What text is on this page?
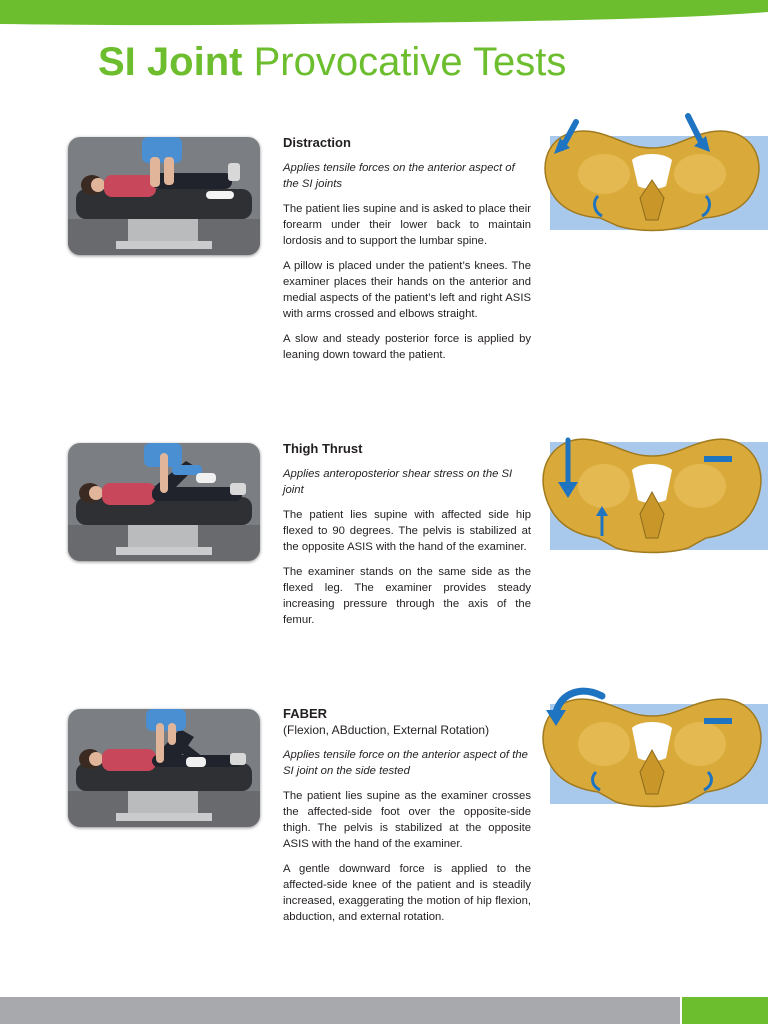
SI Joint Provocative Tests

Distraction

Applies tensile forces on the anterior aspect of the SI joints

The patient lies supine and is asked to place their forearm under their lower back to maintain lordosis and to support the lumbar spine.

A pillow is placed under the patient’s knees. The examiner places their hands on the anterior and medial aspects of the patient’s left and right ASIS with arms crossed and elbows straight.

A slow and steady posterior force is applied by leaning down toward the patient.

Thigh Thrust

Applies anteroposterior shear stress on the SI joint

The patient lies supine with affected side hip flexed to 90 degrees. The pelvis is stabilized at the opposite ASIS with the hand of the examiner.

The examiner stands on the same side as the flexed leg. The examiner provides steady increasing pressure through the axis of the femur.

FABER

(Flexion, ABduction, External Rotation)

Applies tensile force on the anterior aspect of the SI joint on the side tested

The patient lies supine as the examiner crosses the affected-side foot over the opposite-side thigh. The pelvis is stabilized at the opposite ASIS with the hand of the examiner.

A gentle downward force is applied to the affected-side knee of the patient and is steadily increased, exaggerating the motion of hip flexion, abduction, and external rotation.
